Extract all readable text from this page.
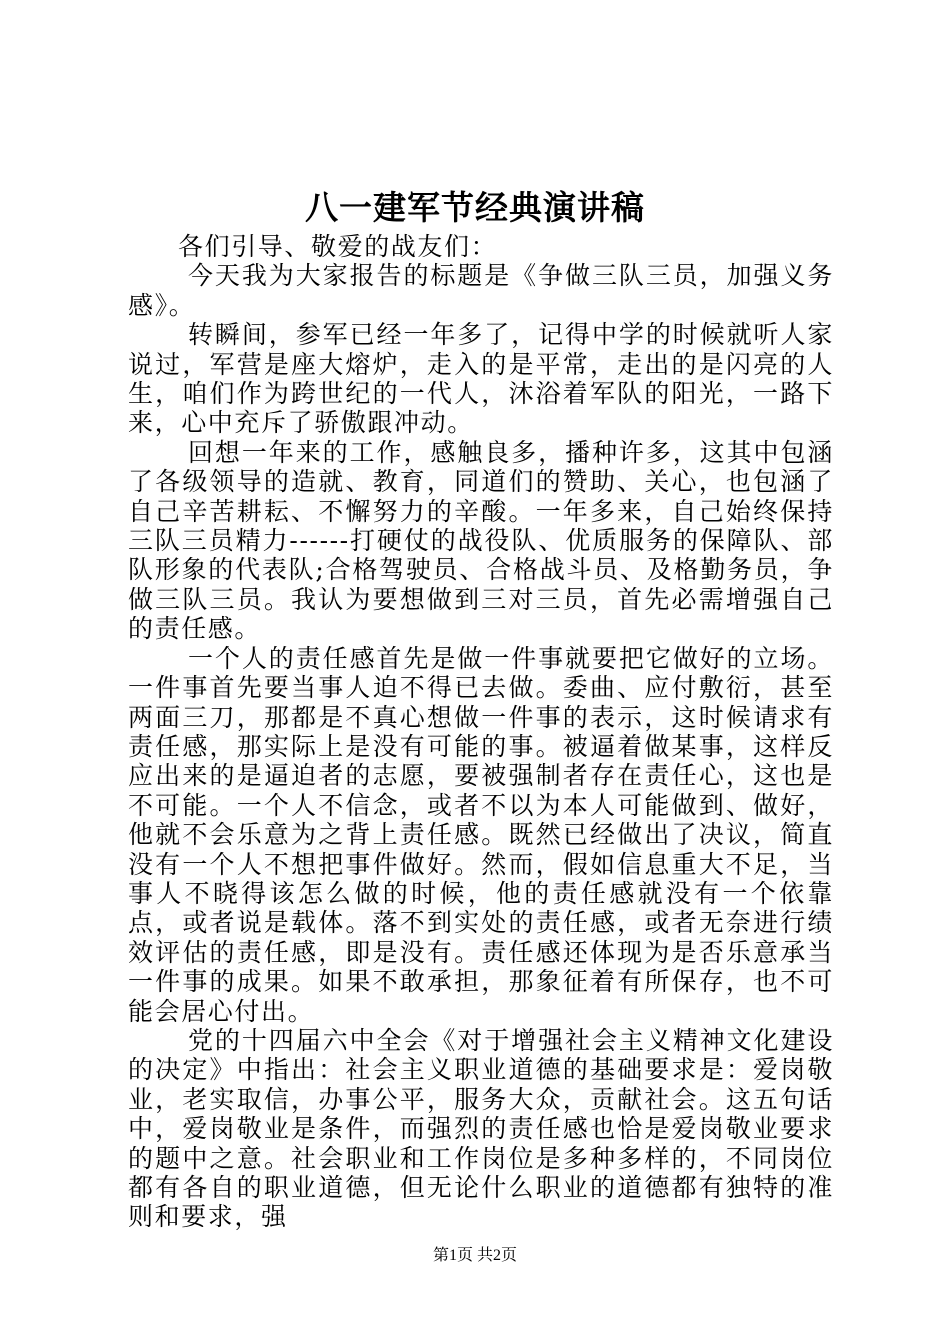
八一建军节经典演讲稿

各们引导、敬爱的战友们：

今天我为大家报告的标题是《争做三队三员，加强义务感》。

转瞬间，参军已经一年多了，记得中学的时候就听人家说过，军营是座大熔炉，走入的是平常，走出的是闪亮的人生，咱们作为跨世纪的一代人，沐浴着军队的阳光，一路下来，心中充斥了骄傲跟冲动。

回想一年来的工作，感触良多，播种许多，这其中包涵了各级领导的造就、教育，同道们的赞助、关心，也包涵了自己辛苦耕耘、不懈努力的辛酸。一年多来，自己始终保持三队三员精力------打硬仗的战役队、优质服务的保障队、部队形象的代表队;合格驾驶员、合格战斗员、及格勤务员，争做三队三员。我认为要想做到三对三员，首先必需增强自己的责任感。

一个人的责任感首先是做一件事就要把它做好的立场。一件事首先要当事人迫不得已去做。委曲、应付敷衍，甚至两面三刀，那都是不真心想做一件事的表示，这时候请求有责任感，那实际上是没有可能的事。被逼着做某事，这样反应出来的是逼迫者的志愿，要被强制者存在责任心，这也是不可能。一个人不信念，或者不以为本人可能做到、做好，他就不会乐意为之背上责任感。既然已经做出了决议，简直没有一个人不想把事件做好。然而，假如信息重大不足，当事人不晓得该怎么做的时候，他的责任感就没有一个依靠点，或者说是载体。落不到实处的责任感，或者无奈进行绩效评估的责任感，即是没有。责任感还体现为是否乐意承当一件事的成果。如果不敢承担，那象征着有所保存，也不可能会居心付出。

党的十四届六中全会《对于增强社会主义精神文化建设的决定》中指出：社会主义职业道德的基础要求是：爱岗敬业，老实取信，办事公平，服务大众，贡献社会。这五句话中，爱岗敬业是条件，而强烈的责任感也恰是爱岗敬业要求的题中之意。社会职业和工作岗位是多种多样的，不同岗位都有各自的职业道德，但无论什么职业的道德都有独特的准则和要求，强

第1页 共2页
